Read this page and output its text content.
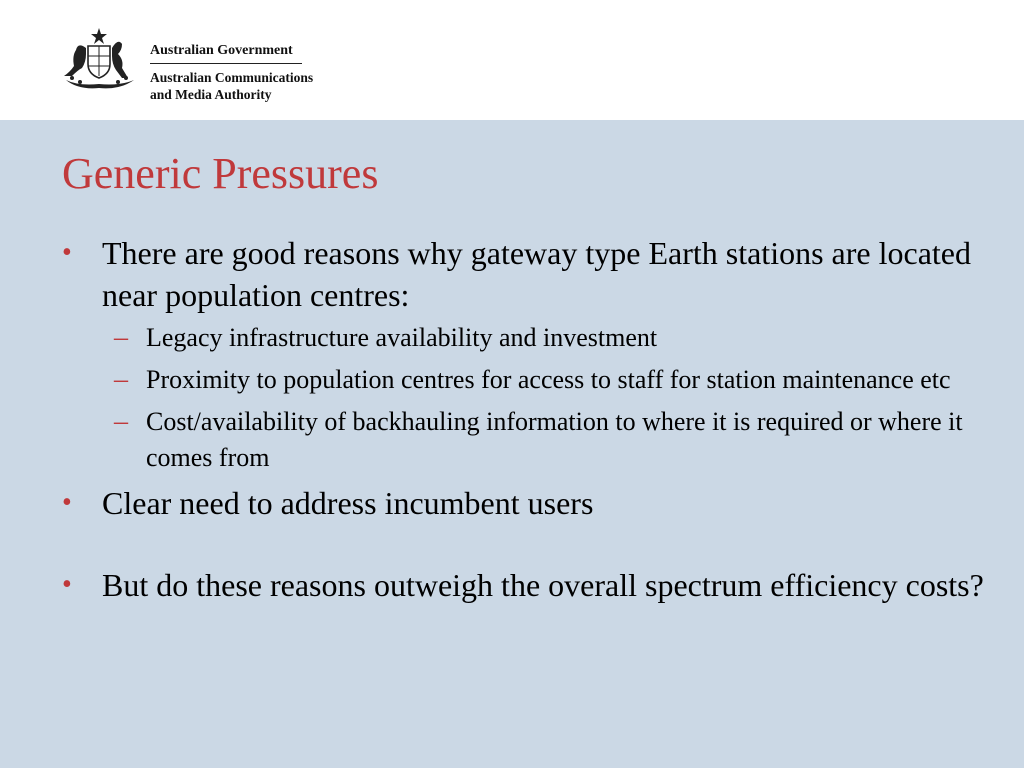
Australian Government
Australian Communications
and Media Authority
Generic Pressures
• There are good reasons why gateway type Earth stations are located near population centres:
– Legacy infrastructure availability and investment
– Proximity to population centres for access to staff for station maintenance etc
– Cost/availability of backhauling information to where it is required or where it comes from
• Clear need to address incumbent users
• But do these reasons outweigh the overall spectrum efficiency costs?
